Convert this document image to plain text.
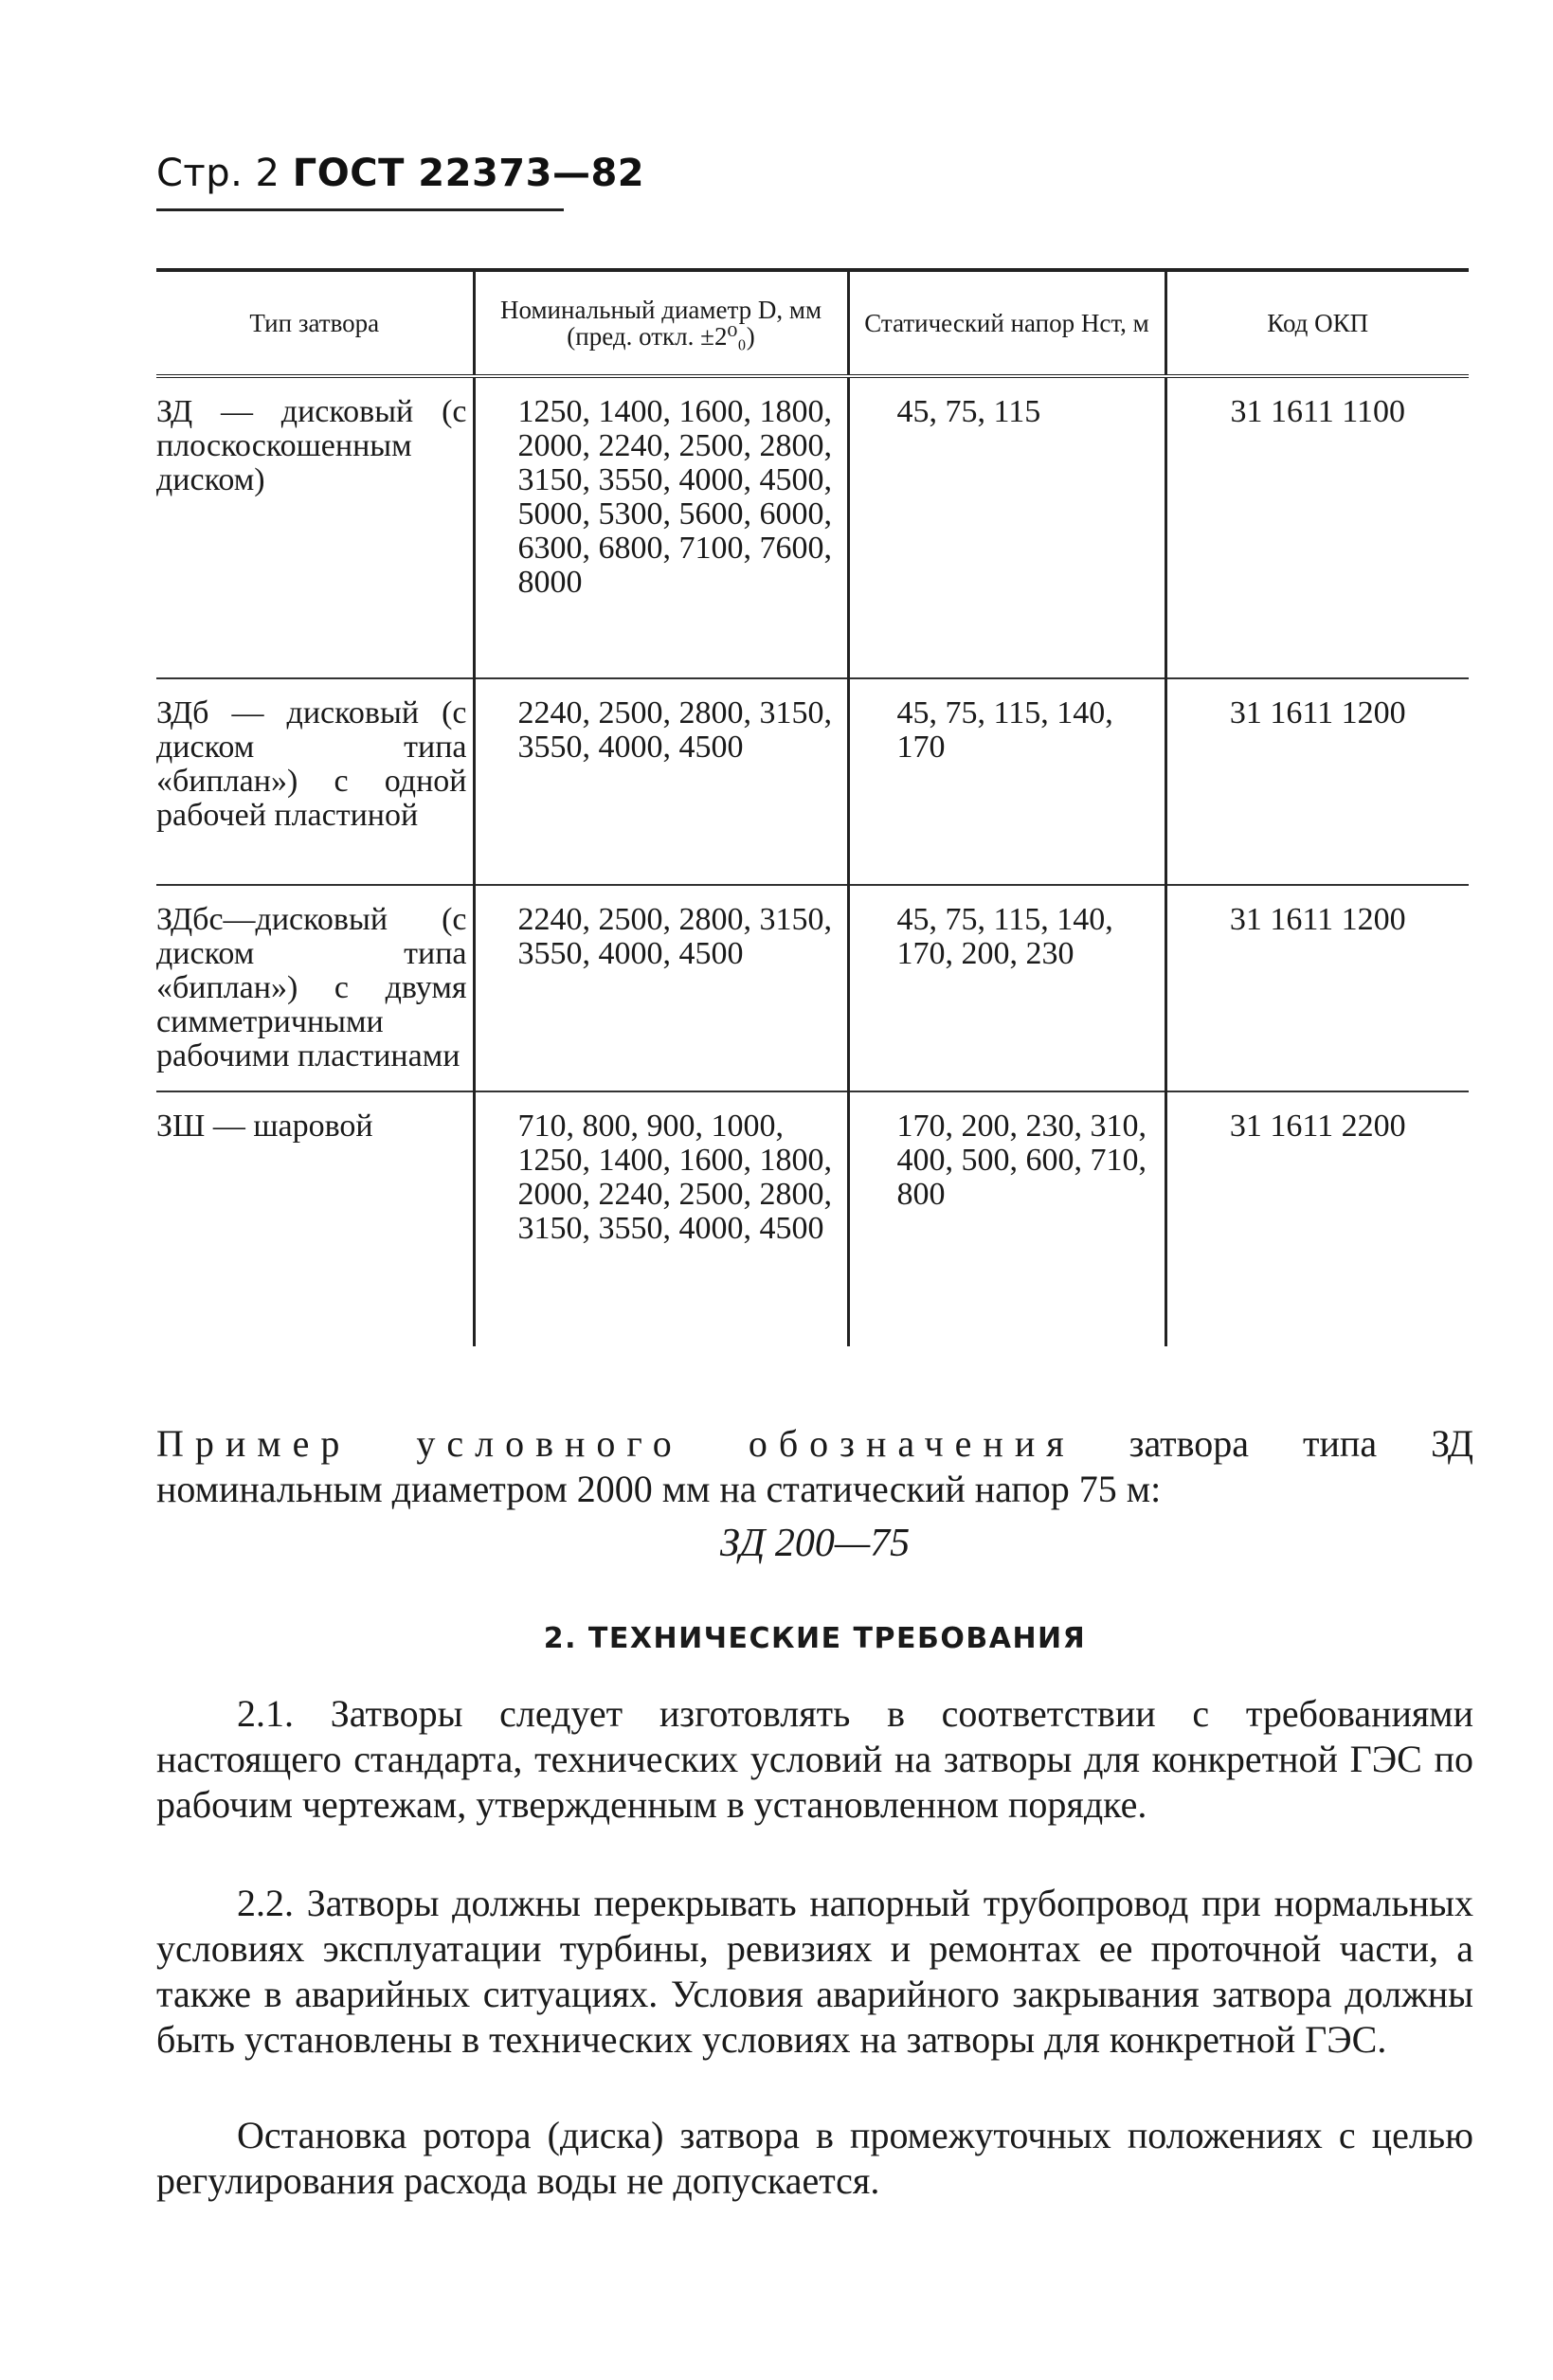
Стр. 2 ГОСТ 22373—82
Тип затвора	Номинальный диаметр D, мм (пред. откл. ±2⁰₀)	Статический напор Hст, м	Код ОКП
ЗД — дисковый (с плоскоскошенным диском)	1250, 1400, 1600, 1800, 2000, 2240, 2500, 2800, 3150, 3550, 4000, 4500, 5000, 5300, 5600, 6000, 6300, 6800, 7100, 7600, 8000	45, 75, 115	31 1611 1100
ЗДб — дисковый (с диском типа «биплан») с одной рабочей пластиной	2240, 2500, 2800, 3150, 3550, 4000, 4500	45, 75, 115, 140, 170	31 1611 1200
ЗДбс—дисковый (с диском типа «биплан») с двумя симметричными рабочими пластинами	2240, 2500, 2800, 3150, 3550, 4000, 4500	45, 75, 115, 140, 170, 200, 230	31 1611 1200
ЗШ — шаровой	710, 800, 900, 1000, 1250, 1400, 1600, 1800, 2000, 2240, 2500, 2800, 3150, 3550, 4000, 4500	170, 200, 230, 310, 400, 500, 600, 710, 800	31 1611 2200
Пример условного обозначения затвора типа ЗД номинальным диаметром 2000 мм на статический напор 75 м:
ЗД 200—75
2. ТЕХНИЧЕСКИЕ ТРЕБОВАНИЯ
2.1. Затворы следует изготовлять в соответствии с требованиями настоящего стандарта, технических условий на затворы для конкретной ГЭС по рабочим чертежам, утвержденным в установленном порядке.
2.2. Затворы должны перекрывать напорный трубопровод при нормальных условиях эксплуатации турбины, ревизиях и ремонтах ее проточной части, а также в аварийных ситуациях. Условия аварийного закрывания затвора должны быть установлены в технических условиях на затворы для конкретной ГЭС.
Остановка ротора (диска) затвора в промежуточных положениях с целью регулирования расхода воды не допускается.
